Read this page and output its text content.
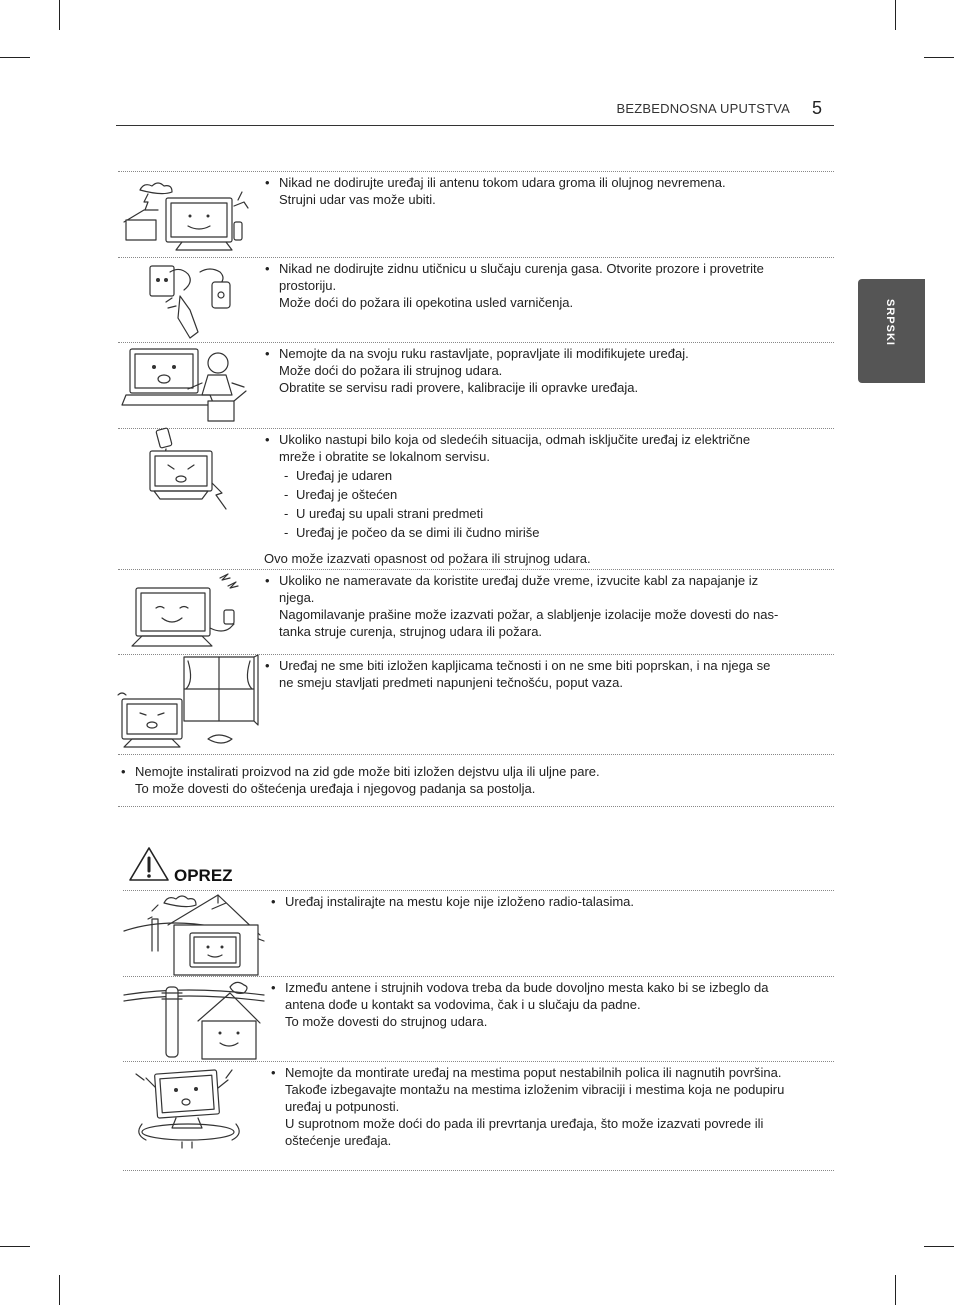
BEZBEDNOSNA UPUTSTVA 5
SRPSKI
• Nikad ne dodirujte uređaj ili antenu tokom udara groma ili olujnog nevremena.
Strujni udar vas može ubiti.
• Nikad ne dodirujte zidnu utičnicu u slučaju curenja gasa. Otvorite prozore i provetrite
prostoriju.
Može doći do požara ili opekotina usled varničenja.
• Nemojte da na svoju ruku rastavljate, popravljate ili modifikujete uređaj.
Može doći do požara ili strujnog udara.
Obratite se servisu radi provere, kalibracije ili opravke uređaja.
• Ukoliko nastupi bilo koja od sledećih situacija, odmah isključite uređaj iz električne
mreže i obratite se lokalnom servisu.
- Uređaj je udaren
- Uređaj je oštećen
- U uređaj su upali strani predmeti
- Uređaj je počeo da se dimi ili čudno miriše
Ovo može izazvati opasnost od požara ili strujnog udara.
• Ukoliko ne nameravate da koristite uređaj duže vreme, izvucite kabl za napajanje iz
njega.
Nagomilavanje prašine može izazvati požar, a slabljenje izolacije može dovesti do nas-
tanka struje curenja, strujnog udara ili požara.
• Uređaj ne sme biti izložen kapljicama tečnosti i on ne sme biti poprskan, i na njega se
ne smeju stavljati predmeti napunjeni tečnošću, poput vaza.
• Nemojte instalirati proizvod na zid gde može biti izložen dejstvu ulja ili uljne pare.
To može dovesti do oštećenja uređaja i njegovog padanja sa postolja.
OPREZ
• Uređaj instalirajte na mestu koje nije izloženo radio-talasima.
• Između antene i strujnih vodova treba da bude dovoljno mesta kako bi se izbeglo da
antena dođe u kontakt sa vodovima, čak i u slučaju da padne.
To može dovesti do strujnog udara.
• Nemojte da montirate uređaj na mestima poput nestabilnih polica ili nagnutih površina.
Takođe izbegavajte montažu na mestima izloženim vibraciji i mestima koja ne podupiru
uređaj u potpunosti.
U suprotnom može doći do pada ili prevrtanja uređaja, što može izazvati povrede ili
oštećenje uređaja.
